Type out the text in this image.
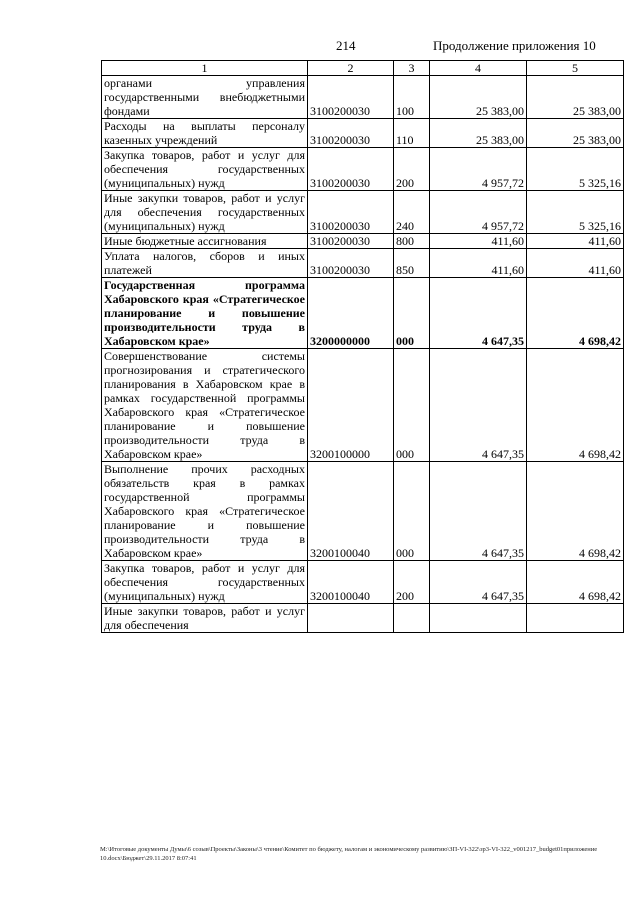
214	Продолжение приложения 10
1	2	3	4	5
органами управления государственными внебюджетными фондами	3100200030	100	25 383,00	25 383,00
Расходы на выплаты персоналу казенных учреждений	3100200030	110	25 383,00	25 383,00
Закупка товаров, работ и услуг для обеспечения государственных (муниципальных) нужд	3100200030	200	4 957,72	5 325,16
Иные закупки товаров, работ и услуг для обеспечения государственных (муниципальных) нужд	3100200030	240	4 957,72	5 325,16
Иные бюджетные ассигнования	3100200030	800	411,60	411,60
Уплата налогов, сборов и иных платежей	3100200030	850	411,60	411,60
Государственная программа Хабаровского края «Стратегическое планирование и повышение производительности труда в Хабаровском крае»	3200000000	000	4 647,35	4 698,42
Совершенствование системы прогнозирования и стратегического планирования в Хабаровском крае в рамках государственной программы Хабаровского края «Стратегическое планирование и повышение производительности труда в Хабаровском крае»	3200100000	000	4 647,35	4 698,42
Выполнение прочих расходных обязательств края в рамках государственной программы Хабаровского края «Стратегическое планирование и повышение производительности труда в Хабаровском крае»	3200100040	000	4 647,35	4 698,42
Закупка товаров, работ и услуг для обеспечения государственных (муниципальных) нужд	3200100040	200	4 647,35	4 698,42
Иные закупки товаров, работ и услуг для обеспечения				
M:\Итоговые документы Думы\6 созыв\Проекты\Законы\3 чтение\Комитет по бюджету, налогам и экономическому развитию\ЗП-VI-322\зр3-VI-322_v001217_budget01приложение 10.docx\Бюджет\29.11.2017 8:07:41
